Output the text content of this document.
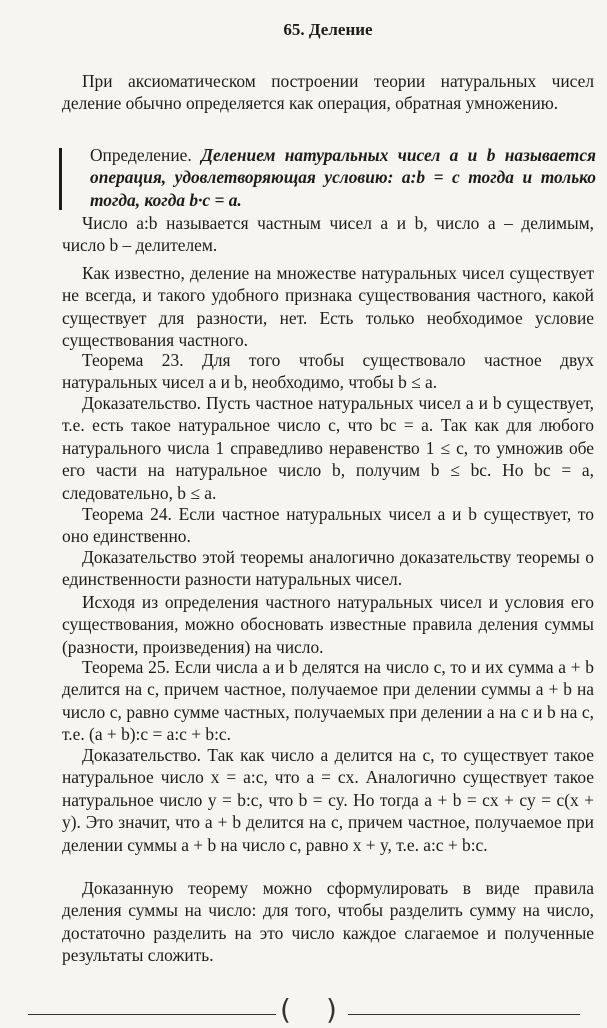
65. Деление

При аксиоматическом построении теории натуральных чисел деление обычно определяется как операция, обратная умножению.

Определение. Делением натуральных чисел a и b называется операция, удовлетворяющая условию: a:b = c тогда и только тогда, когда b·c = a.

Число a:b называется частным чисел a и b, число a – делимым, число b – делителем.

Как известно, деление на множестве натуральных чисел существует не всегда, и такого удобного признака существования частного, какой существует для разности, нет. Есть только необходимое условие существования частного.

Теорема 23. Для того чтобы существовало частное двух натуральных чисел a и b, необходимо, чтобы b ≤ a.

Доказательство. Пусть частное натуральных чисел a и b существует, т.е. есть такое натуральное число c, что bc = a. Так как для любого натурального числа 1 справедливо неравенство 1 ≤ c, то умножив обе его части на натуральное число b, получим b ≤ bc. Но bc = a, следовательно, b ≤ a.

Теорема 24. Если частное натуральных чисел a и b существует, то оно единственно.

Доказательство этой теоремы аналогично доказательству теоремы о единственности разности натуральных чисел.

Исходя из определения частного натуральных чисел и условия его существования, можно обосновать известные правила деления суммы (разности, произведения) на число.

Теорема 25. Если числа a и b делятся на число c, то и их сумма a + b делится на c, причем частное, получаемое при делении суммы a + b на число c, равно сумме частных, получаемых при делении a на c и b на c, т.е. (a + b):c = a:c + b:c.

Доказательство. Так как число a делится на c, то существует такое натуральное число x = a:c, что a = cx. Аналогично существует такое натуральное число y = b:c, что b = cy. Но тогда a + b = cx + cy = c(x + y). Это значит, что a + b делится на c, причем частное, получаемое при делении суммы a + b на число c, равно x + y, т.е. a:c + b:c.

Доказанную теорему можно сформулировать в виде правила деления суммы на число: для того, чтобы разделить сумму на число, достаточно разделить на это число каждое слагаемое и полученные результаты сложить.

( )
